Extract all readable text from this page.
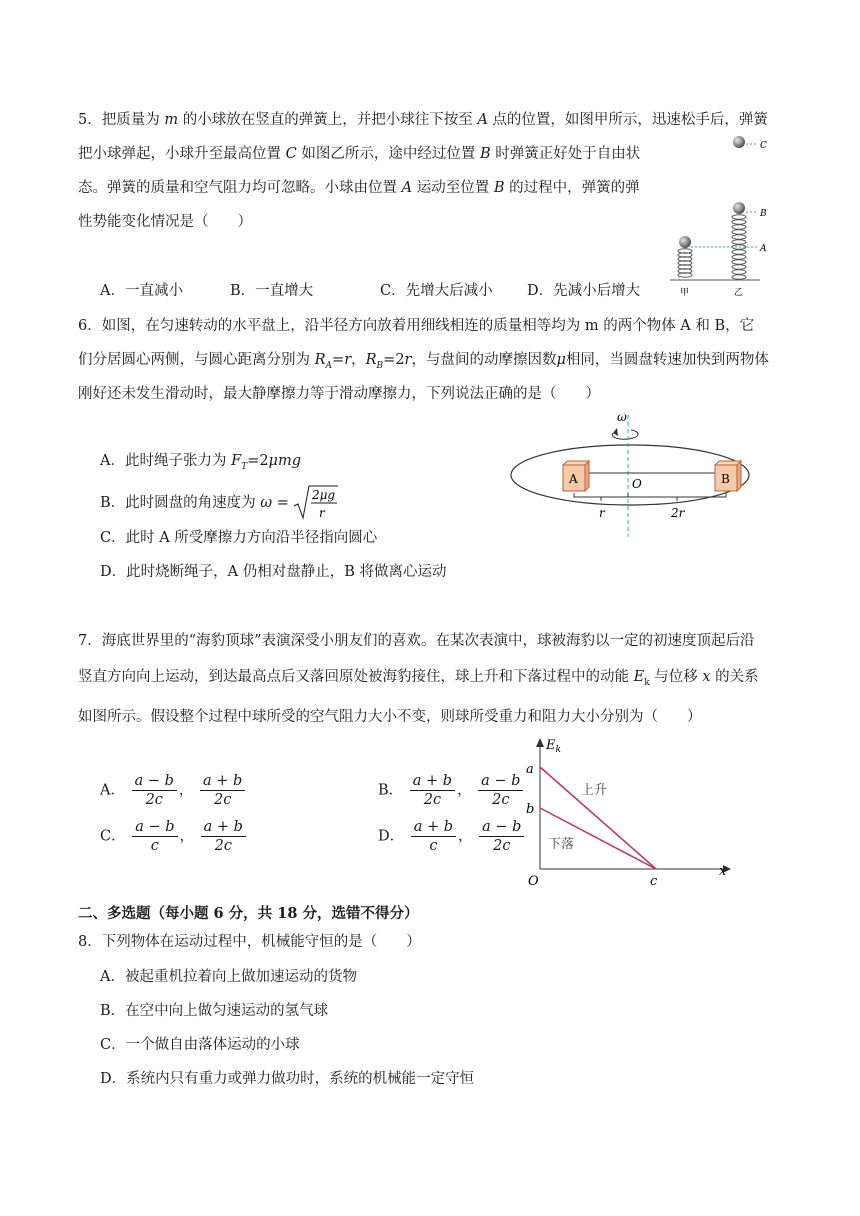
5．把质量为 m 的小球放在竖直的弹簧上，并把小球往下按至 A 点的位置，如图甲所示，迅速松手后，弹簧
把小球弹起，小球升至最高位置 C 如图乙所示，途中经过位置 B 时弹簧正好处于自由状
态。弹簧的质量和空气阻力均可忽略。小球由位置 A 运动至位置 B 的过程中，弹簧的弹
性势能变化情况是（　　）
A．一直减小	B．一直增大	C．先增大后减小 D．先减小后增大
C
B
A
甲	乙
6．如图，在匀速转动的水平盘上，沿半径方向放着用细线相连的质量相等均为 m 的两个物体 A 和 B，它
们分居圆心两侧，与圆心距离分别为 $R_A=r$，$R_B=2r$，与盘间的动摩擦因数μ相同，当圆盘转速加快到两物体
刚好还未发生滑动时，最大静摩擦力等于滑动摩擦力，下列说法正确的是（　　）
A．此时绳子张力为 $F_T=2\mu mg$
B．此时圆盘的角速度为 ω = 2μg
r
C．此时 A 所受摩擦力方向沿半径指向圆心
D．此时烧断绳子，A 仍相对盘静止，B 将做离心运动
ω
A	B
O
r	2r
7．海底世界里的“海豹顶球”表演深受小朋友们的喜欢。在某次表演中，球被海豹以一定的初速度顶起后沿
竖直方向向上运动，到达最高点后又落回原处被海豹接住，球上升和下落过程中的动能 $E_k$ 与位移 x 的关系
如图所示。假设整个过程中球所受的空气阻力大小不变，则球所受重力和阻力大小分别为（　　）
A． $\frac{a - b}{2c}$ ， $\frac{a + b}{2c}$	B． $\frac{a + b}{2c}$ ， $\frac{a - b}{2c}$
C． $\frac{a - b}{c}$ ， $\frac{a + b}{2c}$	D． $\frac{a + b}{c}$ ， $\frac{a - b}{2c}$
$E_k$
x
O
a
b
c
上升
下落
二、多选题（每小题 6 分，共 18 分，选错不得分）
8．下列物体在运动过程中，机械能守恒的是（　　）
A．被起重机拉着向上做加速运动的货物
B．在空中向上做匀速运动的氢气球
C．一个做自由落体运动的小球
D．系统内只有重力或弹力做功时，系统的机械能一定守恒
